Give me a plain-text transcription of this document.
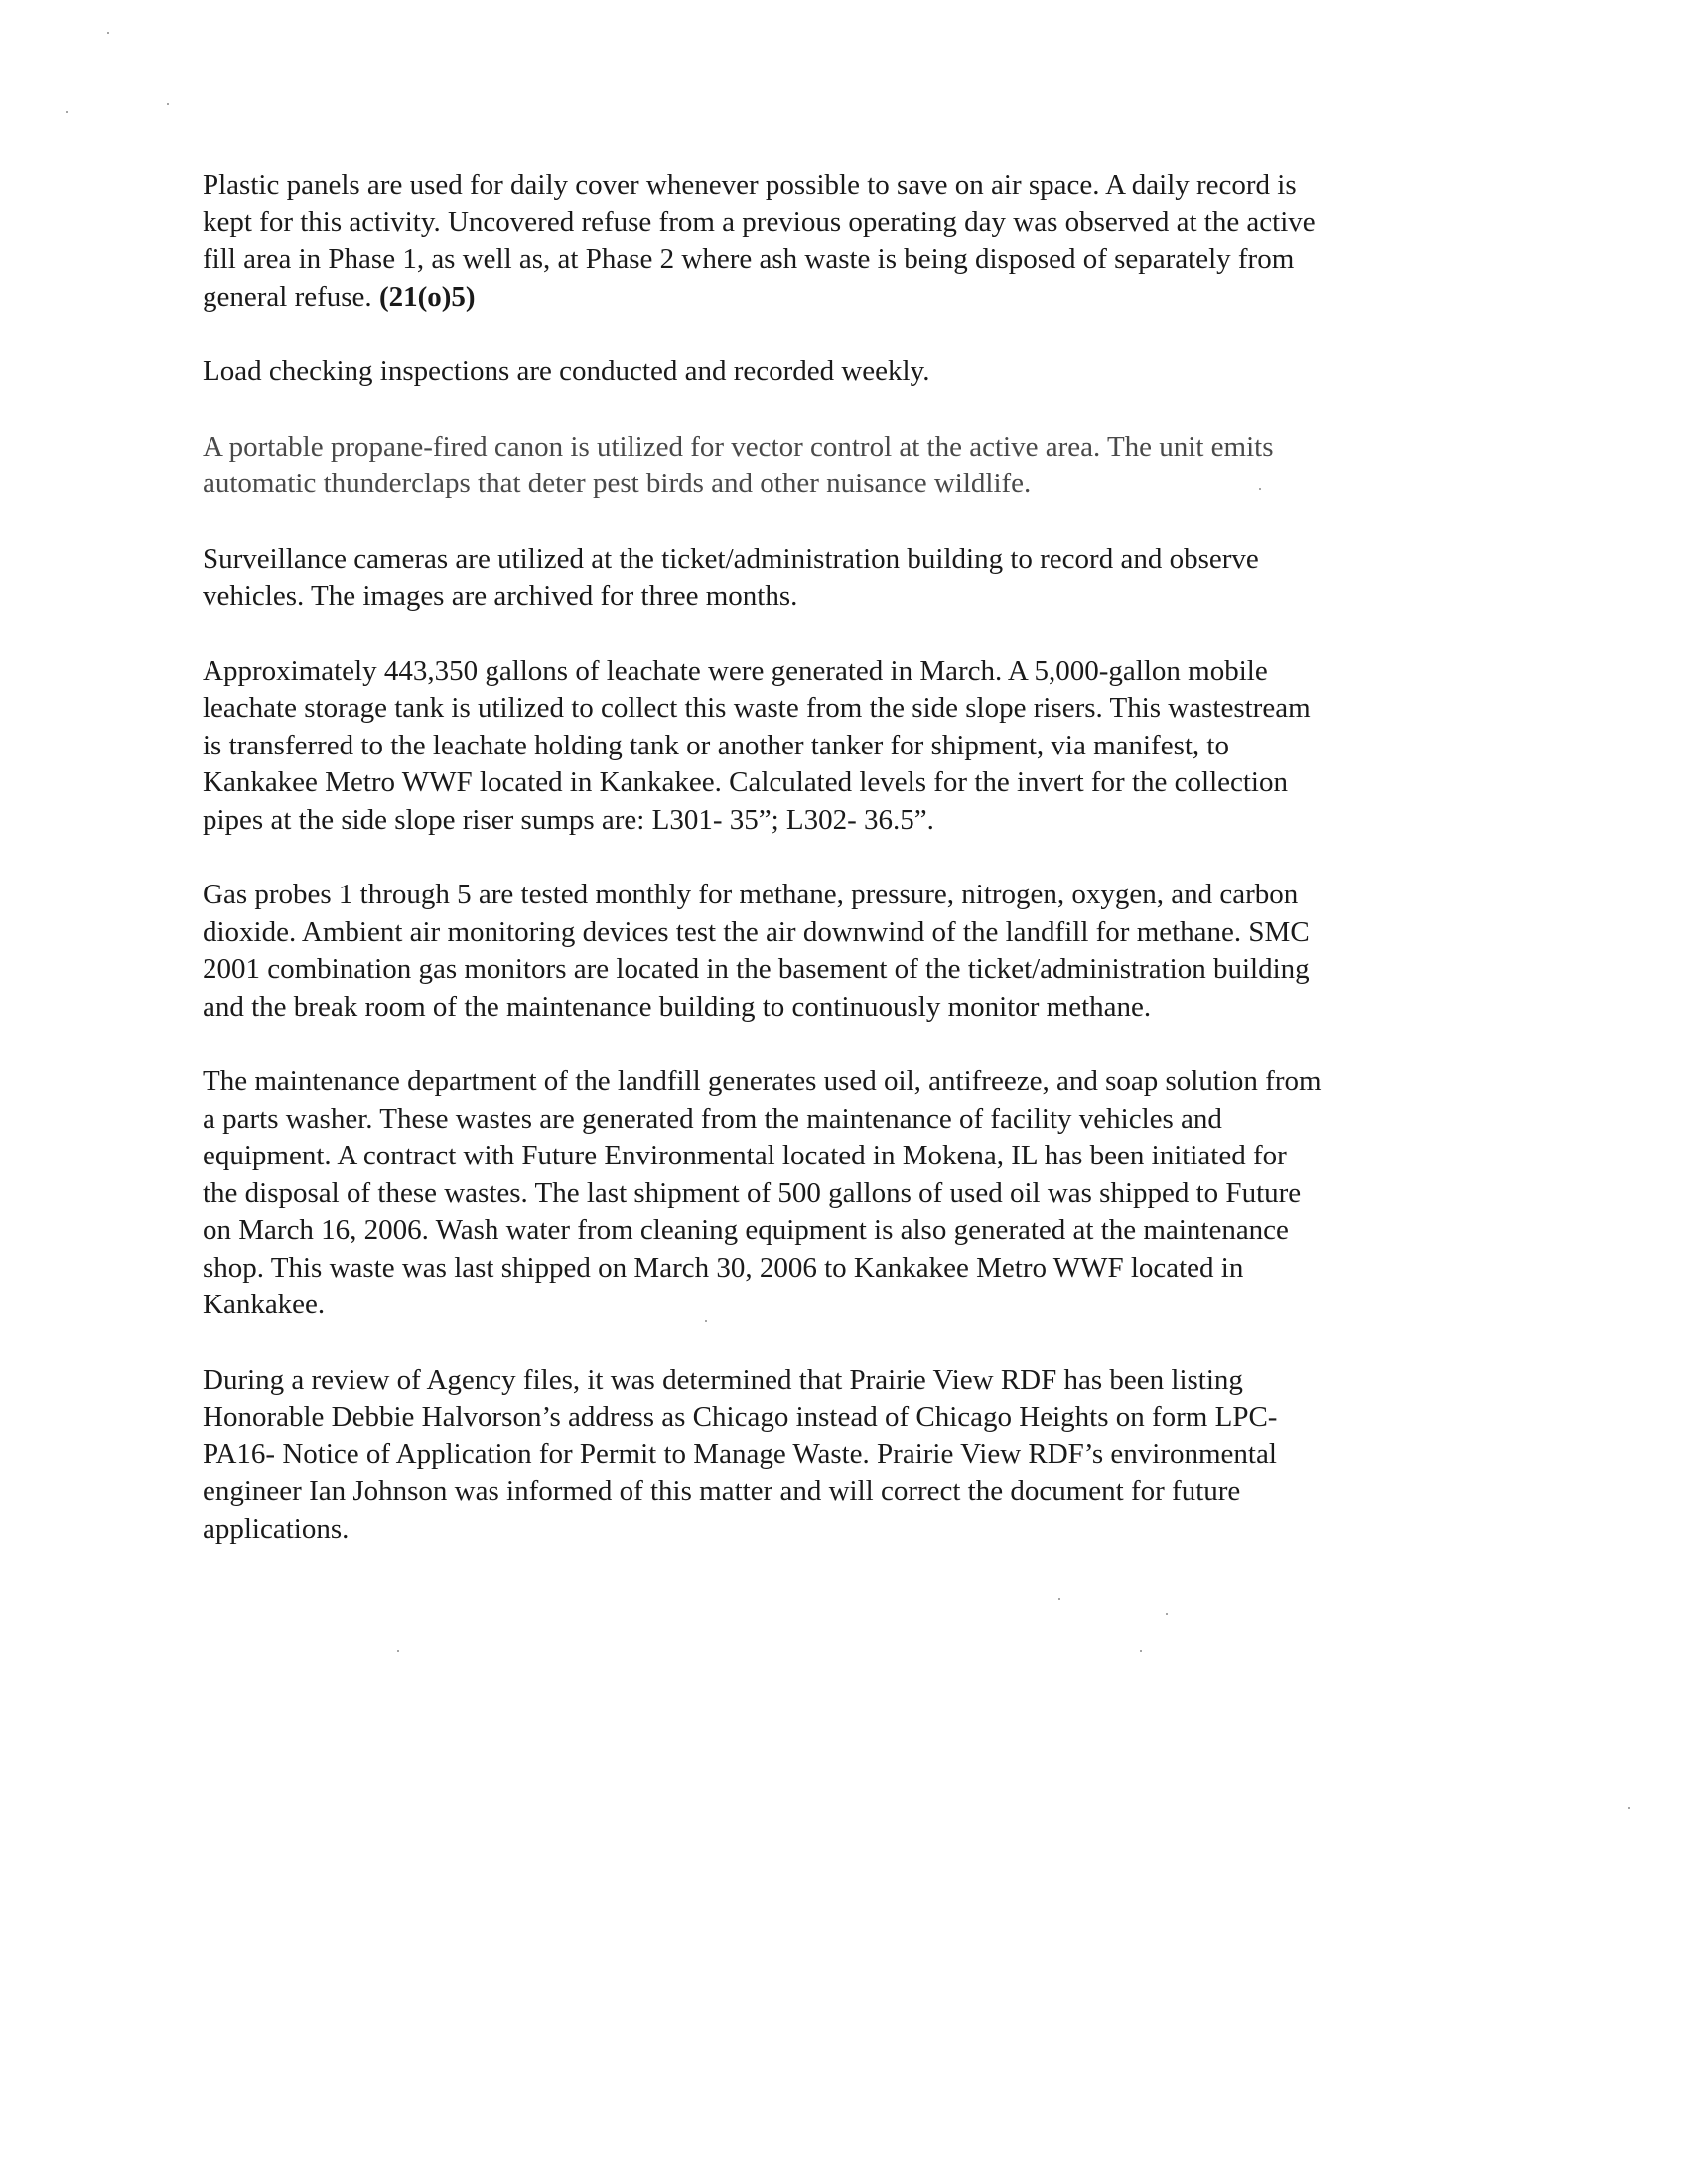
Plastic panels are used for daily cover whenever possible to save on air space. A daily record is
kept for this activity. Uncovered refuse from a previous operating day was observed at the active
fill area in Phase 1, as well as, at Phase 2 where ash waste is being disposed of separately from
general refuse. (21(o)5)

Load checking inspections are conducted and recorded weekly.

A portable propane-fired canon is utilized for vector control at the active area. The unit emits
automatic thunderclaps that deter pest birds and other nuisance wildlife.

Surveillance cameras are utilized at the ticket/administration building to record and observe
vehicles. The images are archived for three months.

Approximately 443,350 gallons of leachate were generated in March. A 5,000-gallon mobile
leachate storage tank is utilized to collect this waste from the side slope risers. This wastestream
is transferred to the leachate holding tank or another tanker for shipment, via manifest, to
Kankakee Metro WWF located in Kankakee. Calculated levels for the invert for the collection
pipes at the side slope riser sumps are: L301- 35”; L302- 36.5”.

Gas probes 1 through 5 are tested monthly for methane, pressure, nitrogen, oxygen, and carbon
dioxide. Ambient air monitoring devices test the air downwind of the landfill for methane. SMC
2001 combination gas monitors are located in the basement of the ticket/administration building
and the break room of the maintenance building to continuously monitor methane.

The maintenance department of the landfill generates used oil, antifreeze, and soap solution from
a parts washer. These wastes are generated from the maintenance of facility vehicles and
equipment. A contract with Future Environmental located in Mokena, IL has been initiated for
the disposal of these wastes. The last shipment of 500 gallons of used oil was shipped to Future
on March 16, 2006. Wash water from cleaning equipment is also generated at the maintenance
shop. This waste was last shipped on March 30, 2006 to Kankakee Metro WWF located in
Kankakee.

During a review of Agency files, it was determined that Prairie View RDF has been listing
Honorable Debbie Halvorson’s address as Chicago instead of Chicago Heights on form LPC-
PA16- Notice of Application for Permit to Manage Waste. Prairie View RDF’s environmental
engineer Ian Johnson was informed of this matter and will correct the document for future
applications.
